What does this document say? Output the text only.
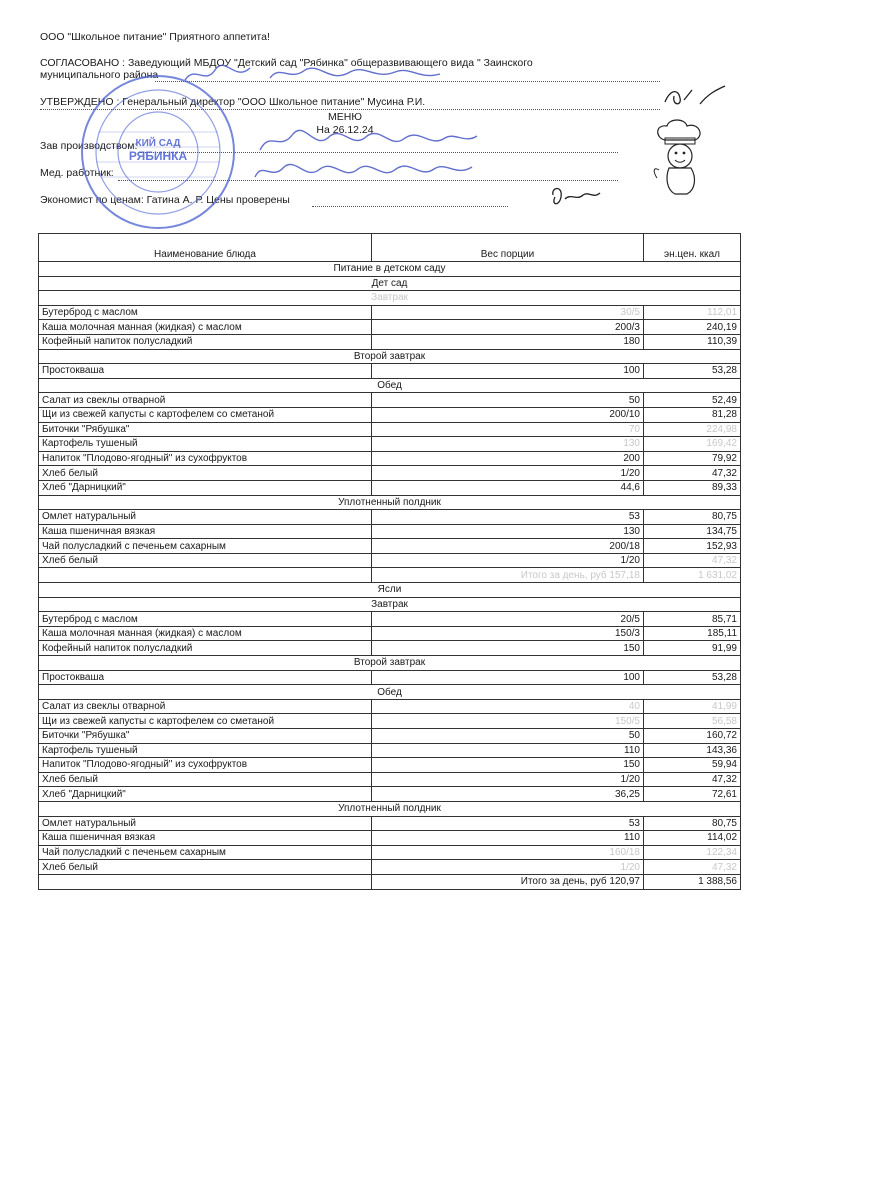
ООО "Школьное питание" Приятного аппетита!
СОГЛАСОВАНО : Заведующий МБДОУ "Детский сад "Рябинка" общеразвивающего вида " Заинского
муниципального района
УТВЕРЖДЕНО : Генеральный директор "ООО Школьное питание" Мусина Р.И.
МЕНЮ
На 26.12.24
Зав производством:
Мед. работник:
Экономист по ценам: Гатина А. Р. Цены проверены
КИЙ САД
РЯБИНКА
Наименование блюда	Вес порции	эн.цен. ккал
Питание в детском саду		
Дет сад		
Завтрак		
Бутерброд с маслом	30/5	112,01
Каша молочная манная (жидкая) с маслом	200/3	240,19
Кофейный напиток полусладкий	180	110,39
Второй завтрак		
Простокваша	100	53,28
Обед		
Салат из свеклы отварной	50	52,49
Щи из свежей капусты с картофелем со сметаной	200/10	81,28
Биточки "Рябушка"	70	224,98
Картофель тушеный	130	169,42
Напиток "Плодово-ягодный" из сухофруктов	200	79,92
Хлеб белый	1/20	47,32
Хлеб "Дарницкий"	44,6	89,33
Уплотненный полдник		
Омлет натуральный	53	80,75
Каша пшеничная вязкая	130	134,75
Чай полусладкий с печеньем сахарным	200/18	152,93
Хлеб белый	1/20	47,32
	Итого за день, руб 157,18	1 631,02
Ясли		
Завтрак		
Бутерброд с маслом	20/5	85,71
Каша молочная манная (жидкая) с маслом	150/3	185,11
Кофейный напиток полусладкий	150	91,99
Второй завтрак		
Простокваша	100	53,28
Обед		
Салат из свеклы отварной	40	41,99
Щи из свежей капусты с картофелем со сметаной	150/5	56,58
Биточки "Рябушка"	50	160,72
Картофель тушеный	110	143,36
Напиток "Плодово-ягодный" из сухофруктов	150	59,94
Хлеб белый	1/20	47,32
Хлеб "Дарницкий"	36,25	72,61
Уплотненный полдник		
Омлет натуральный	53	80,75
Каша пшеничная вязкая	110	114,02
Чай полусладкий с печеньем сахарным	160/18	122,34
Хлеб белый	1/20	47,32
	Итого за день, руб 120,97	1 388,56
